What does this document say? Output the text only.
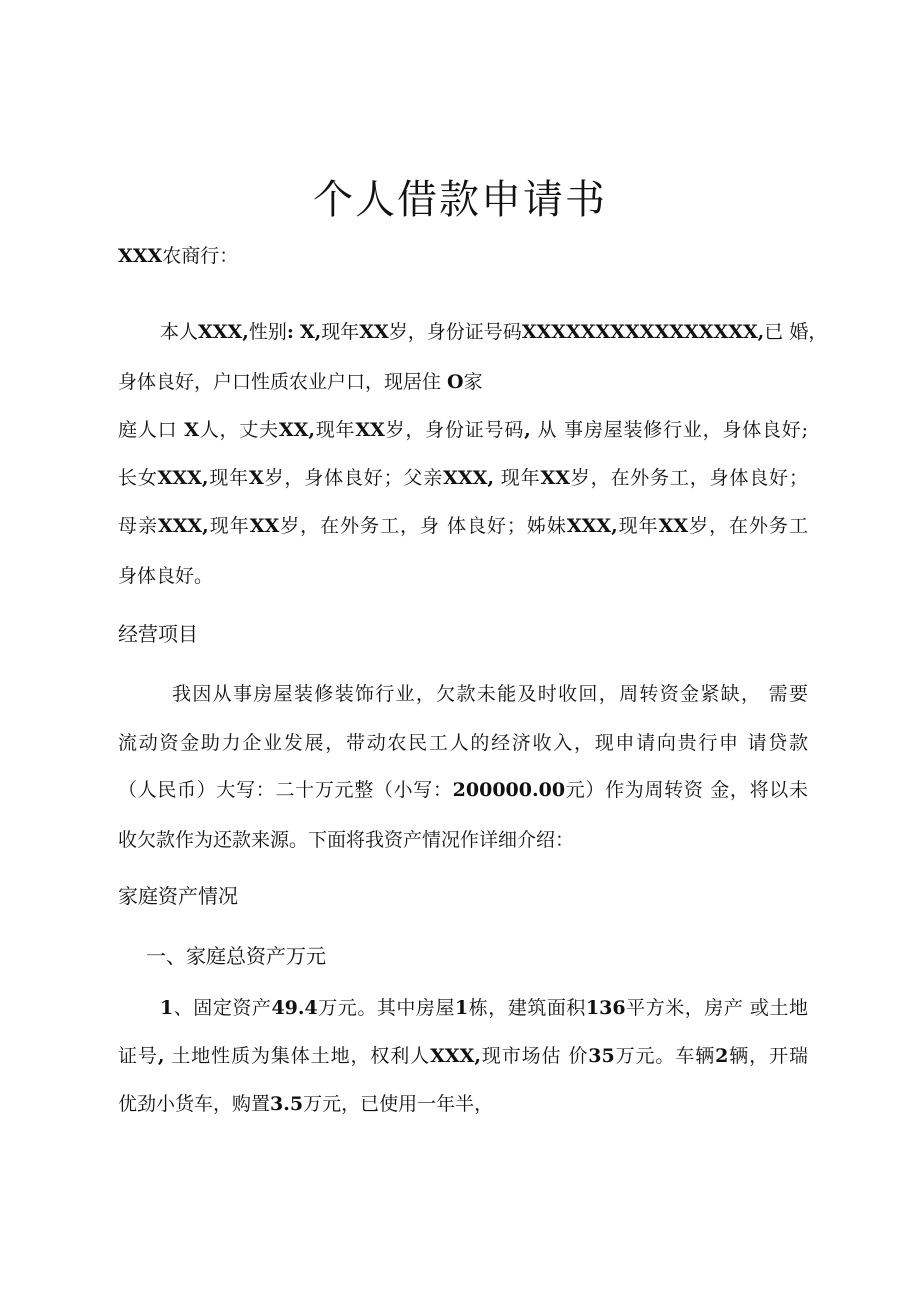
个人借款申请书
XXX农商行：
本人XXX,性别: X,现年XX岁，身份证号码XXXXXXXXXXXXXXXX,已 婚，
身体良好，户口性质农业户口，现居住 O家
庭人口 X人，丈夫XX,现年XX岁，身份证号码, 从 事房屋装修行业，身体良好;
长女XXX,现年X岁，身体良好；父亲XXX, 现年XX岁，在外务工，身体良好；
母亲XXX,现年XX岁，在外务工，身 体良好；姊妹XXX,现年XX岁，在外务工
身体良好。
经营项目
我因从事房屋装修装饰行业，欠款未能及时收回，周转资金紧缺， 需要
流动资金助力企业发展，带动农民工人的经济收入，现申请向贵行申 请贷款
（人民币）大写：二十万元整（小写：200000.00元）作为周转资 金，将以未
收欠款作为还款来源。下面将我资产情况作详细介绍：
家庭资产情况
一、家庭总资产万元
1、固定资产49.4万元。其中房屋1栋，建筑面积136平方米，房产 或土地
证号, 土地性质为集体土地，权利人XXX,现市场估 价35万元。车辆2辆，开瑞
优劲小货车，购置3.5万元，已使用一年半，
